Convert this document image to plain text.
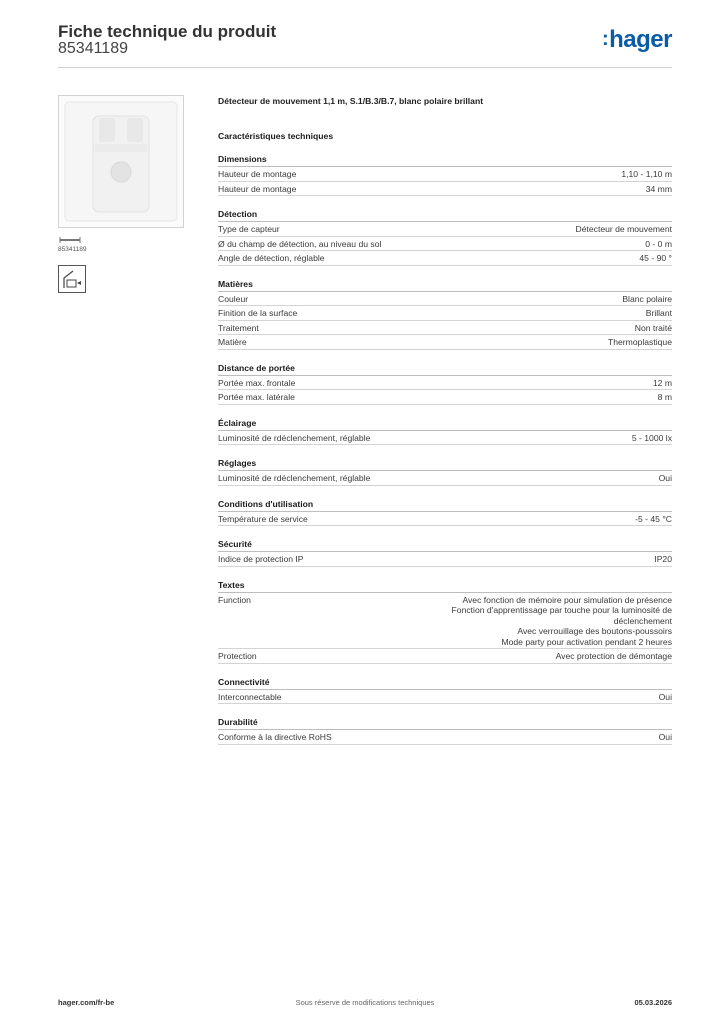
Fiche technique du produit
85341189	:hager
85341189
Détecteur de mouvement 1,1 m, S.1/B.3/B.7, blanc polaire brillant
Caractéristiques techniques
Dimensions
Hauteur de montage	1,10 - 1,10 m
Hauteur de montage	34 mm
Détection
Type de capteur	Détecteur de mouvement
Ø du champ de détection, au niveau du sol	0 - 0 m
Angle de détection, réglable	45 - 90 °
Matières
Couleur	Blanc polaire
Finition de la surface	Brillant
Traitement	Non traité
Matière	Thermoplastique
Distance de portée
Portée max. frontale	12 m
Portée max. latérale	8 m
Éclairage
Luminosité de rdéclenchement, réglable	5 - 1000 lx
Réglages
Luminosité de rdéclenchement, réglable	Oui
Conditions d'utilisation
Température de service	-5 - 45 °C
Sécurité
Indice de protection IP	IP20
Textes
Function	Avec fonction de mémoire pour simulation de présence
Fonction d'apprentissage par touche pour la luminosité de
déclenchement
Avec verrouillage des boutons-poussoirs
Mode party pour activation pendant 2 heures
Protection	Avec protection de démontage
Connectivité
Interconnectable	Oui
Durabilité
Conforme à la directive RoHS	Oui
hager.com/fr-be	Sous réserve de modifications techniques	05.03.2026
